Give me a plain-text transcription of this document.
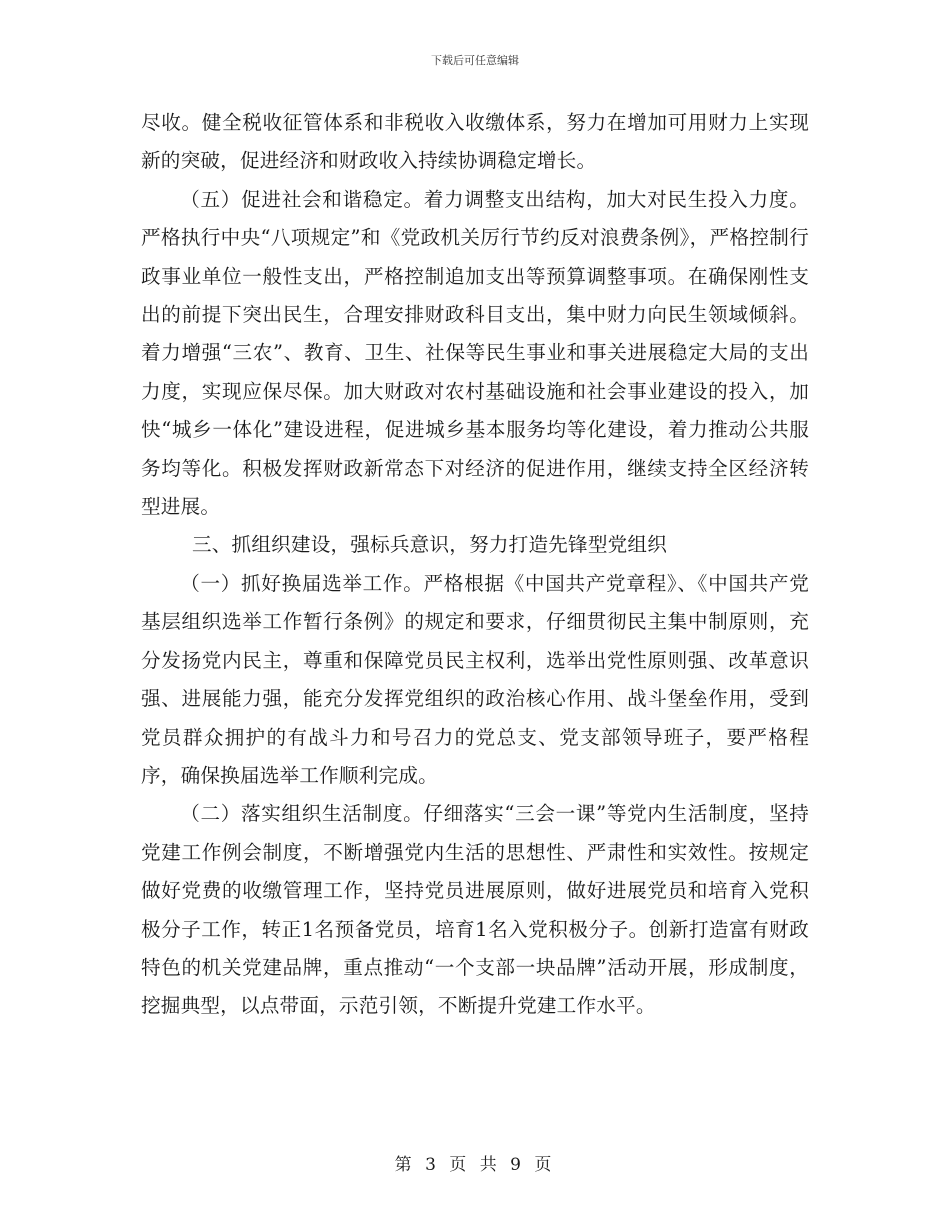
下载后可任意编辑

尽收。健全税收征管体系和非税收入收缴体系，努力在增加可用财力上实现新的突破，促进经济和财政收入持续协调稳定增长。

（五）促进社会和谐稳定。着力调整支出结构，加大对民生投入力度。严格执行中央“八项规定”和《党政机关厉行节约反对浪费条例》，严格控制行政事业单位一般性支出，严格控制追加支出等预算调整事项。在确保刚性支出的前提下突出民生，合理安排财政科目支出，集中财力向民生领域倾斜。着力增强“三农”、教育、卫生、社保等民生事业和事关进展稳定大局的支出力度，实现应保尽保。加大财政对农村基础设施和社会事业建设的投入，加快“城乡一体化”建设进程，促进城乡基本服务均等化建设，着力推动公共服务均等化。积极发挥财政新常态下对经济的促进作用，继续支持全区经济转型进展。

三、抓组织建设，强标兵意识，努力打造先锋型党组织

（一）抓好换届选举工作。严格根据《中国共产党章程》、《中国共产党基层组织选举工作暂行条例》的规定和要求，仔细贯彻民主集中制原则，充分发扬党内民主，尊重和保障党员民主权利，选举出党性原则强、改革意识强、进展能力强，能充分发挥党组织的政治核心作用、战斗堡垒作用，受到党员群众拥护的有战斗力和号召力的党总支、党支部领导班子，要严格程序，确保换届选举工作顺利完成。

（二）落实组织生活制度。仔细落实“三会一课”等党内生活制度，坚持党建工作例会制度，不断增强党内生活的思想性、严肃性和实效性。按规定做好党费的收缴管理工作，坚持党员进展原则，做好进展党员和培育入党积极分子工作，转正1名预备党员，培育1名入党积极分子。创新打造富有财政特色的机关党建品牌，重点推动“一个支部一块品牌”活动开展，形成制度，挖掘典型，以点带面，示范引领，不断提升党建工作水平。

第 3 页 共 9 页
